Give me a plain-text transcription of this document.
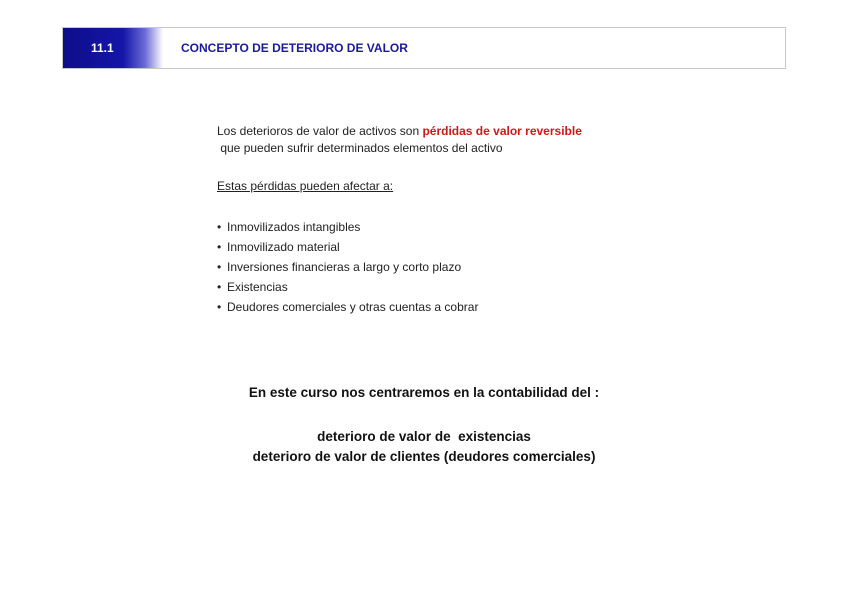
11.1	CONCEPTO DE DETERIORO DE VALOR
Los deterioros de valor de activos son pérdidas de valor reversible
que pueden sufrir determinados elementos del activo
Estas pérdidas pueden afectar a:
• Inmovilizados intangibles
• Inmovilizado material
• Inversiones financieras a largo y corto plazo
• Existencias
• Deudores comerciales y otras cuentas a cobrar
En este curso nos centraremos en la contabilidad del :
deterioro de valor de  existencias
deterioro de valor de clientes (deudores comerciales)
